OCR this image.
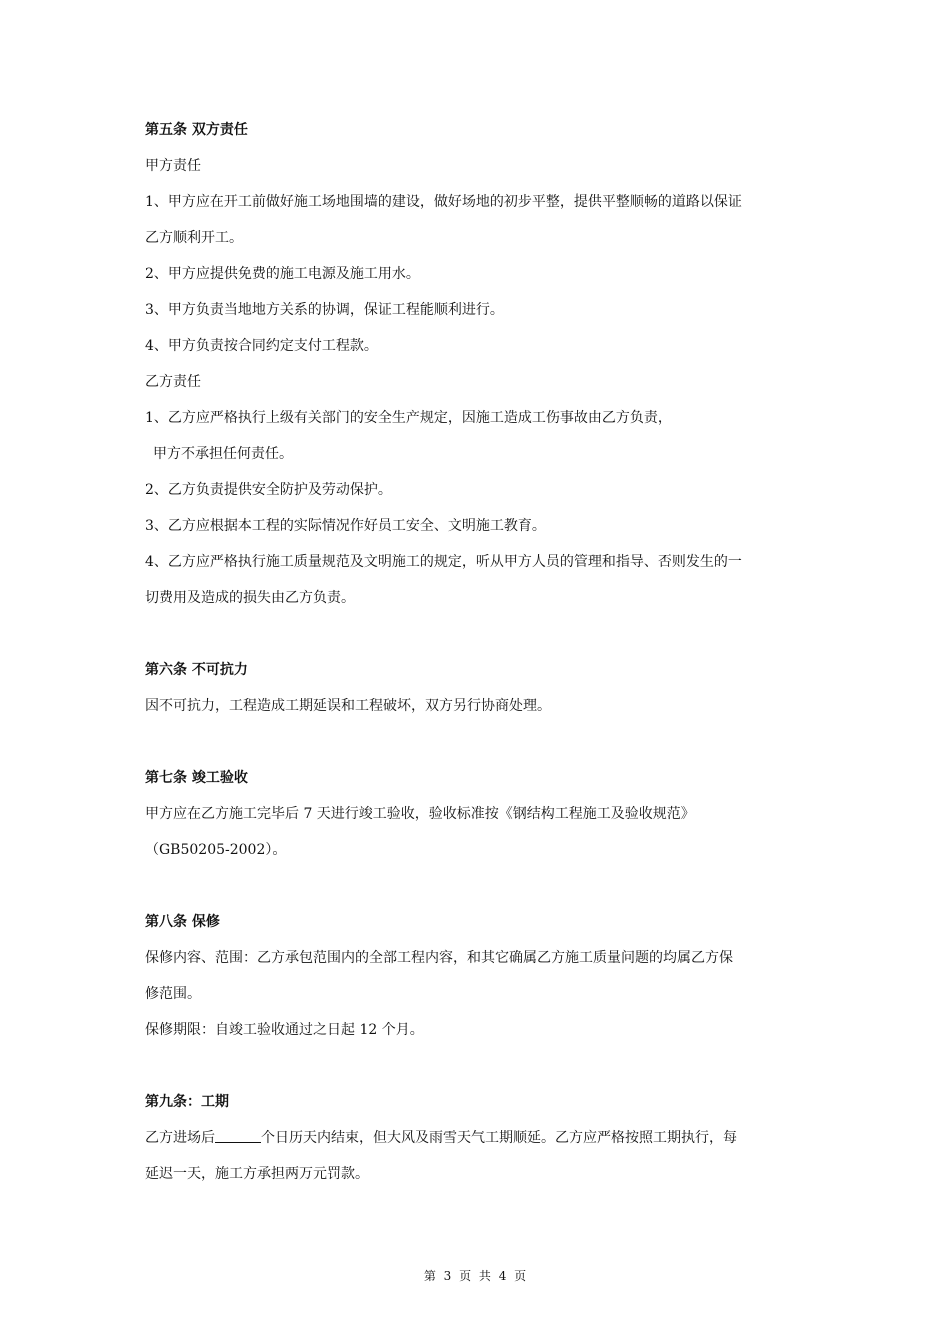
第五条 双方责任

甲方责任

1、甲方应在开工前做好施工场地围墙的建设，做好场地的初步平整，提供平整顺畅的道路以保证

乙方顺利开工。

2、甲方应提供免费的施工电源及施工用水。

3、甲方负责当地地方关系的协调，保证工程能顺利进行。

4、甲方负责按合同约定支付工程款。

乙方责任

1、乙方应严格执行上级有关部门的安全生产规定，因施工造成工伤事故由乙方负责，

甲方不承担任何责任。

2、乙方负责提供安全防护及劳动保护。

3、乙方应根据本工程的实际情况作好员工安全、文明施工教育。

4、乙方应严格执行施工质量规范及文明施工的规定，听从甲方人员的管理和指导、否则发生的一

切费用及造成的损失由乙方负责。

第六条 不可抗力

因不可抗力，工程造成工期延误和工程破坏，双方另行协商处理。

第七条 竣工验收

甲方应在乙方施工完毕后 7 天进行竣工验收，验收标准按《钢结构工程施工及验收规范》

（GB50205-2002）。

第八条 保修

保修内容、范围：乙方承包范围内的全部工程内容，和其它确属乙方施工质量问题的均属乙方保

修范围。

保修期限：自竣工验收通过之日起 12 个月。

第九条：工期

乙方进场后	个日历天内结束，但大风及雨雪天气工期顺延。乙方应严格按照工期执行，每

延迟一天，施工方承担两万元罚款。

第 3 页 共 4 页
